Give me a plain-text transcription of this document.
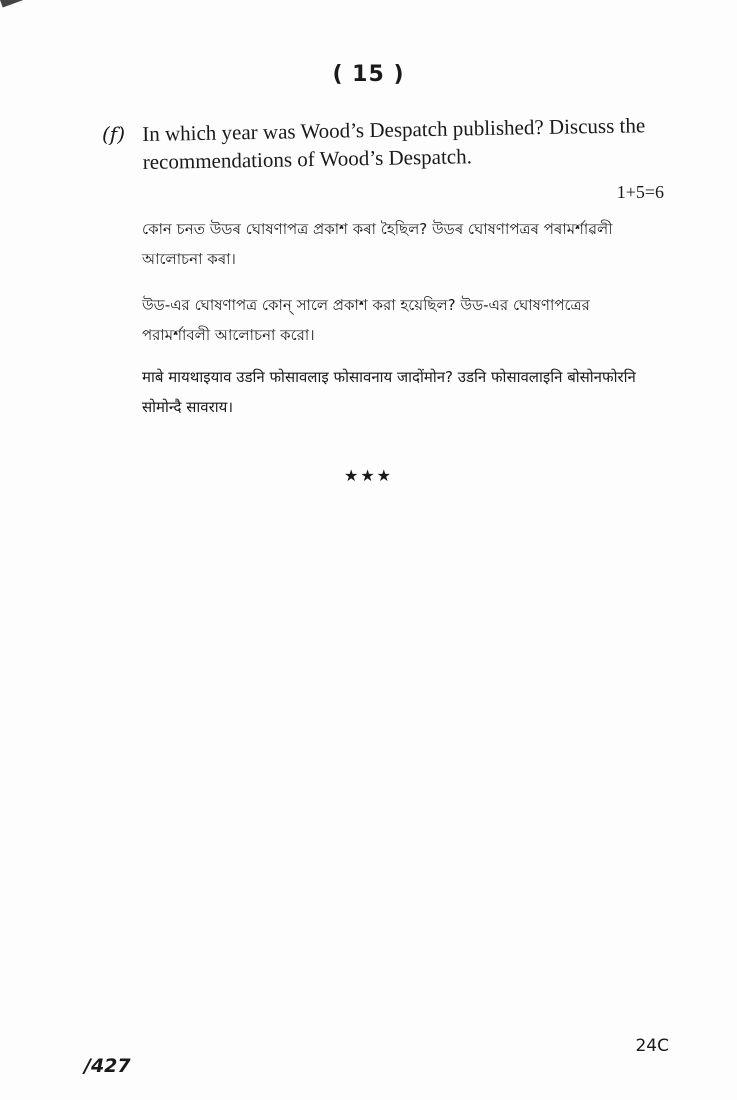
( 15 )
(f) In which year was Wood’s Despatch published? Discuss the recommendations of Wood’s Despatch.
1+5=6
কোন চনত উডৰ ঘোষণাপত্ৰ প্ৰকাশ কৰা হৈছিল? উডৰ ঘোষণাপত্ৰৰ পৰামৰ্শাৱলী আলোচনা কৰা।
উড-এর ঘোষণাপত্র কোন্ সালে প্রকাশ করা হয়েছিল? উড-এর ঘোষণাপত্রের পরামর্শাবলী আলোচনা করো।
माबे मायथाइयाव उडनि फोसावलाइ फोसावनाय जादोंमोन? उडनि फोसावलाइनि बोसोनफोरनि सोमोन्दै सावराय।
★★★
/427
24C
